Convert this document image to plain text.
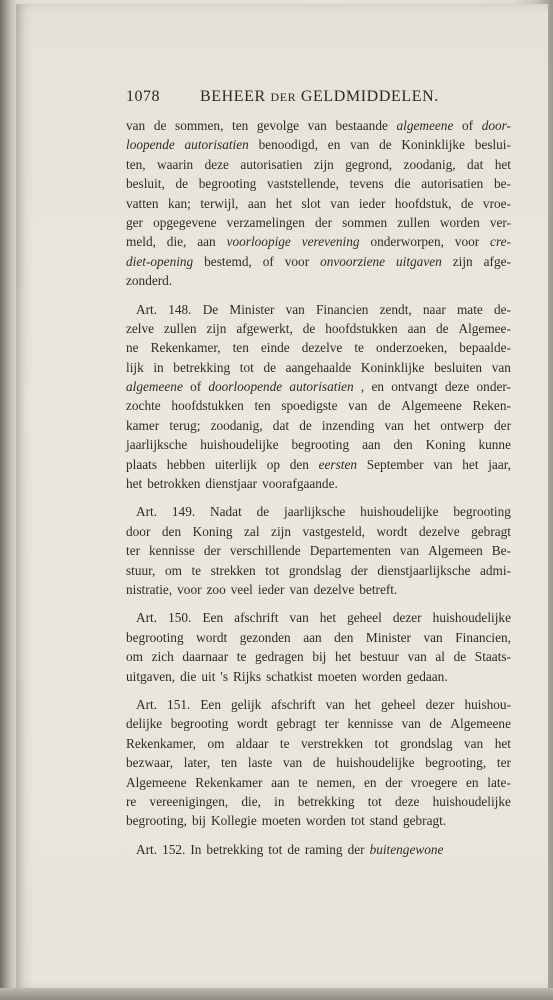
1078	BEHEER DER GELDMIDDELEN.
van de sommen, ten gevolge van bestaande algemeene of door-
loopende autorisatien benoodigd, en van de Koninklijke beslui-
ten, waarin deze autorisatien zijn gegrond, zoodanig, dat het
besluit, de begrooting vaststellende, tevens die autorisatien be-
vatten kan; terwijl, aan het slot van ieder hoofdstuk, de vroe-
ger opgegevene verzamelingen der sommen zullen worden ver-
meld, die, aan voorloopige verevening onderworpen, voor cre-
diet-opening bestemd, of voor onvoorziene uitgaven zijn afge-
zonderd.
Art. 148. De Minister van Financien zendt, naar mate de-
zelve zullen zijn afgewerkt, de hoofdstukken aan de Algemee-
ne Rekenkamer, ten einde dezelve te onderzoeken, bepaalde-
lijk in betrekking tot de aangehaalde Koninklijke besluiten van
algemeene of doorloopende autorisatien , en ontvangt deze onder-
zochte hoofdstukken ten spoedigste van de Algemeene Reken-
kamer terug; zoodanig, dat de inzending van het ontwerp der
jaarlijksche huishoudelijke begrooting aan den Koning kunne
plaats hebben uiterlijk op den eersten September van het jaar,
het betrokken dienstjaar voorafgaande.
Art. 149. Nadat de jaarlijksche huishoudelijke begrooting
door den Koning zal zijn vastgesteld, wordt dezelve gebragt
ter kennisse der verschillende Departementen van Algemeen Be-
stuur, om te strekken tot grondslag der dienstjaarlijksche admi-
nistratie, voor zoo veel ieder van dezelve betreft.
Art. 150. Een afschrift van het geheel dezer huishoudelijke
begrooting wordt gezonden aan den Minister van Financien,
om zich daarnaar te gedragen bij het bestuur van al de Staats-
uitgaven, die uit 's Rijks schatkist moeten worden gedaan.
Art. 151. Een gelijk afschrift van het geheel dezer huishou-
delijke begrooting wordt gebragt ter kennisse van de Algemeene
Rekenkamer, om aldaar te verstrekken tot grondslag van het
bezwaar, later, ten laste van de huishoudelijke begrooting, ter
Algemeene Rekenkamer aan te nemen, en der vroegere en late-
re vereenigingen, die, in betrekking tot deze huishoudelijke
begrooting, bij Kollegie moeten worden tot stand gebragt.
Art. 152. In betrekking tot de raming der buitengewone
